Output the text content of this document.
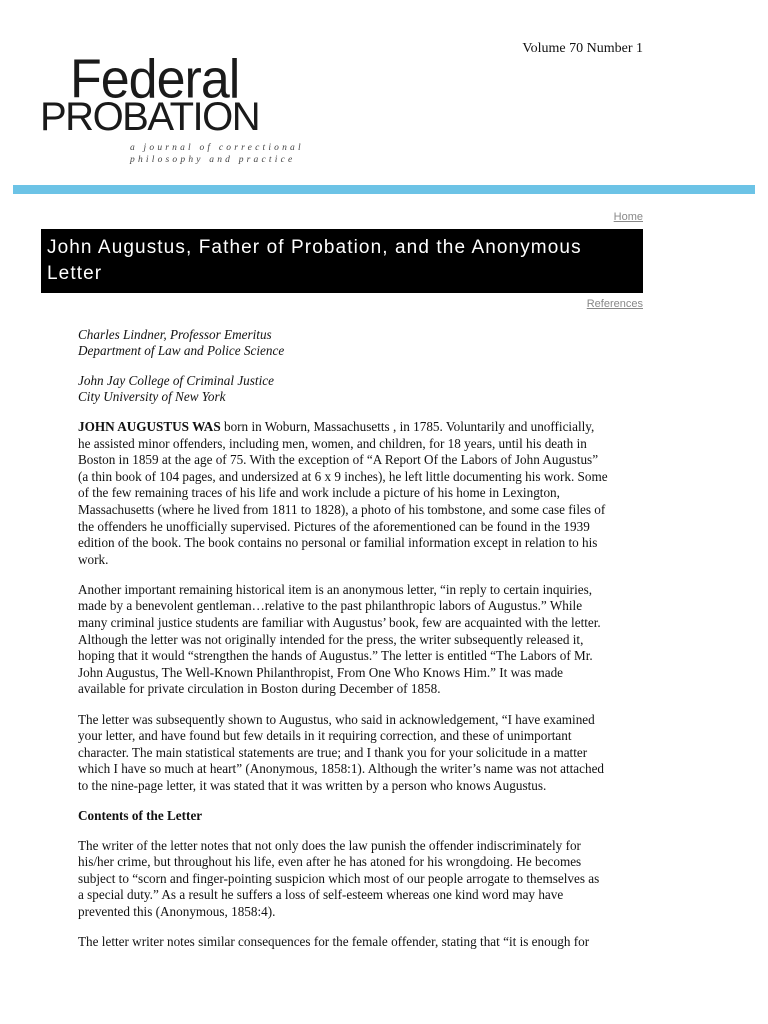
Volume 70 Number 1
Federal
PROBATION
a journal of correctional
philosophy and practice
Home
John Augustus, Father of Probation, and the Anonymous Letter
References
Charles Lindner, Professor Emeritus
Department of Law and Police Science
John Jay College of Criminal Justice
City University of New York

JOHN AUGUSTUS WAS born in Woburn, Massachusetts , in 1785. Voluntarily and unofficially, he assisted minor offenders, including men, women, and children, for 18 years, until his death in Boston in 1859 at the age of 75. With the exception of “A Report Of the Labors of John Augustus” (a thin book of 104 pages, and undersized at 6 x 9 inches), he left little documenting his work. Some of the few remaining traces of his life and work include a picture of his home in Lexington, Massachusetts (where he lived from 1811 to 1828), a photo of his tombstone, and some case files of the offenders he unofficially supervised. Pictures of the aforementioned can be found in the 1939 edition of the book. The book contains no personal or familial information except in relation to his work.

Another important remaining historical item is an anonymous letter, “in reply to certain inquiries, made by a benevolent gentleman…relative to the past philanthropic labors of Augustus.” While many criminal justice students are familiar with Augustus’ book, few are acquainted with the letter. Although the letter was not originally intended for the press, the writer subsequently released it, hoping that it would “strengthen the hands of Augustus.” The letter is entitled “The Labors of Mr. John Augustus, The Well-Known Philanthropist, From One Who Knows Him.” It was made available for private circulation in Boston during December of 1858.

The letter was subsequently shown to Augustus, who said in acknowledgement, “I have examined your letter, and have found but few details in it requiring correction, and these of unimportant character. The main statistical statements are true; and I thank you for your solicitude in a matter which I have so much at heart” (Anonymous, 1858:1). Although the writer’s name was not attached to the nine-page letter, it was stated that it was written by a person who knows Augustus.

Contents of the Letter

The writer of the letter notes that not only does the law punish the offender indiscriminately for his/her crime, but throughout his life, even after he has atoned for his wrongdoing. He becomes subject to “scorn and finger-pointing suspicion which most of our people arrogate to themselves as a special duty.” As a result he suffers a loss of self-esteem whereas one kind word may have prevented this (Anonymous, 1858:4).

The letter writer notes similar consequences for the female offender, stating that “it is enough for
